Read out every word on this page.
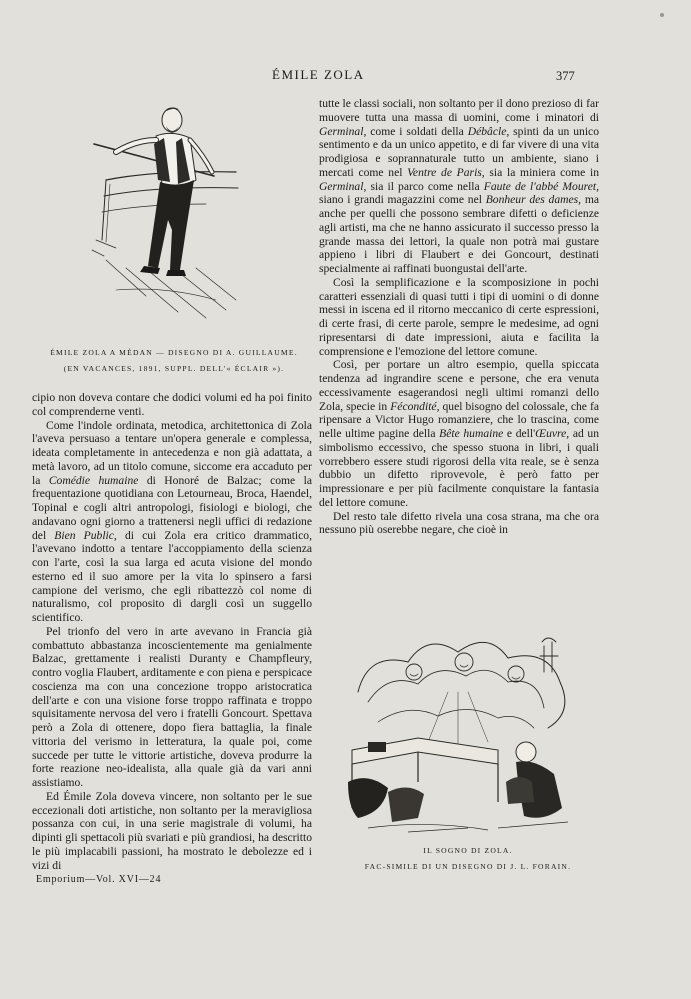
ÉMILE ZOLA	377
ÉMILE ZOLA A MÉDAN — DISEGNO DI A. GUILLAUME.
(EN VACANCES, 1891, SUPPL. DELL'« ÉCLAIR »).

cipio non doveva contare che dodici volumi ed ha poi finito col comprenderne venti.

Come l'indole ordinata, metodica, architettonica di Zola l'aveva persuaso a tentare un'opera generale e complessa, ideata completamente in antecedenza e non già adattata, a metà lavoro, ad un titolo comune, siccome era accaduto per la Comédie humaine di Honoré de Balzac; come la frequentazione quotidiana con Letourneau, Broca, Haendel, Topinal e cogli altri antropologi, fisiologi e biologi, che andavano ogni giorno a trattenersi negli uffici di redazione del Bien Public, di cui Zola era critico drammatico, l'avevano indotto a tentare l'accoppiamento della scienza con l'arte, così la sua larga ed acuta visione del mondo esterno ed il suo amore per la vita lo spinsero a farsi campione del verismo, che egli ribattezzò col nome di naturalismo, col proposito di dargli così un suggello scientifico.

Pel trionfo del vero in arte avevano in Francia già combattuto abbastanza incoscientemente ma genialmente Balzac, grettamente i realisti Duranty e Champfleury, contro voglia Flaubert, arditamente e con piena e perspicace coscienza ma con una concezione troppo aristocratica dell'arte e con una visione forse troppo raffinata e troppo squisitamente nervosa del vero i fratelli Goncourt. Spettava però a Zola di ottenere, dopo fiera battaglia, la finale vittoria del verismo in letteratura, la quale poi, come succede per tutte le vittorie artistiche, doveva produrre la forte reazione neo-idealista, alla quale già da vari anni assistiamo.

Ed Émile Zola doveva vincere, non soltanto per le sue eccezionali doti artistiche, non soltanto per la meravigliosa possanza con cui, in una serie magistrale di volumi, ha dipinti gli spettacoli più svariati e più grandiosi, ha descritto le più implacabili passioni, ha mostrato le debolezze ed i vizi di

tutte le classi sociali, non soltanto per il dono prezioso di far muovere tutta una massa di uomini, come i minatori di Germinal, come i soldati della Débâcle, spinti da un unico sentimento e da un unico appetito, e di far vivere di una vita prodigiosa e soprannaturale tutto un ambiente, siano i mercati come nel Ventre de Paris, sia la miniera come in Germinal, sia il parco come nella Faute de l'abbé Mouret, siano i grandi magazzini come nel Bonheur des dames, ma anche per quelli che possono sembrare difetti o deficienze agli artisti, ma che ne hanno assicurato il successo presso la grande massa dei lettori, la quale non potrà mai gustare appieno i libri di Flaubert e dei Goncourt, destinati specialmente ai raffinati buongustai dell'arte.

Così la semplificazione e la scomposizione in pochi caratteri essenziali di quasi tutti i tipi di uomini o di donne messi in iscena ed il ritorno meccanico di certe espressioni, di certe frasi, di certe parole, sempre le medesime, ad ogni ripresentarsi di date impressioni, aiuta e facilita la comprensione e l'emozione del lettore comune.

Così, per portare un altro esempio, quella spiccata tendenza ad ingrandire scene e persone, che era venuta eccessivamente esagerandosi negli ultimi romanzi dello Zola, specie in Fécondité, quel bisogno del colossale, che fa ripensare a Victor Hugo romanziere, che lo trascina, come nelle ultime pagine della Bête humaine e dell'Œuvre, ad un simbolismo eccessivo, che spesso stuona in libri, i quali vorrebbero essere studi rigorosi della vita reale, se è senza dubbio un difetto riprovevole, è però fatto per impressionare e per più facilmente conquistare la fantasia del lettore comune.

Del resto tale difetto rivela una cosa strana, ma che ora nessuno più oserebbe negare, che cioè in

IL SOGNO DI ZOLA.
FAC-SIMILE DI UN DISEGNO DI J. L. FORAIN.
Emporium—Vol. XVI—24
